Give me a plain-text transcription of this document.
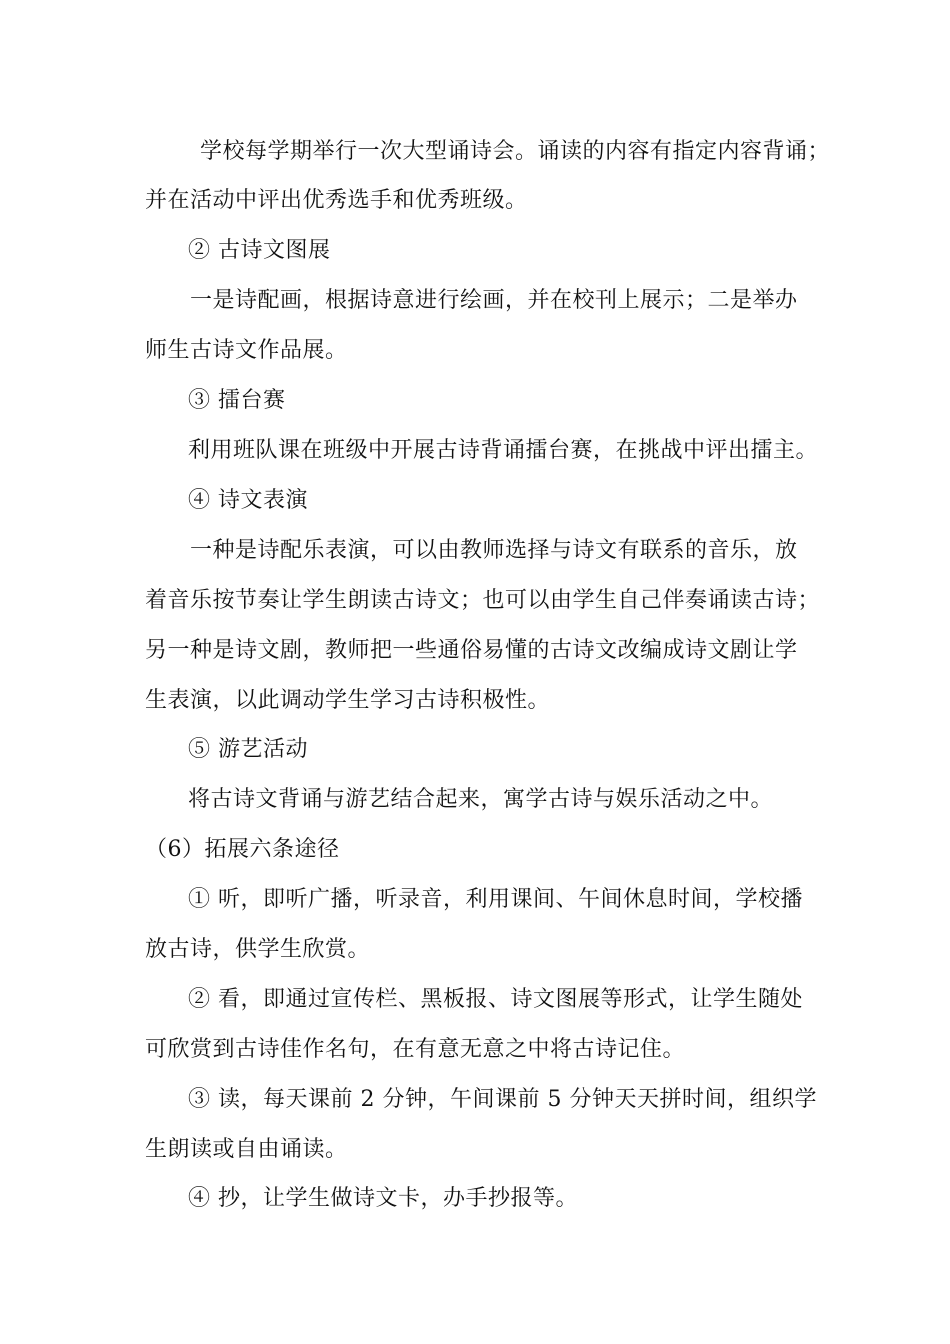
学校每学期举行一次大型诵诗会。诵读的内容有指定内容背诵；
并在活动中评出优秀选手和优秀班级。
② 古诗文图展
一是诗配画，根据诗意进行绘画，并在校刊上展示；二是举办
师生古诗文作品展。
③ 擂台赛
利用班队课在班级中开展古诗背诵擂台赛，在挑战中评出擂主。
④ 诗文表演
一种是诗配乐表演，可以由教师选择与诗文有联系的音乐，放
着音乐按节奏让学生朗读古诗文；也可以由学生自己伴奏诵读古诗；
另一种是诗文剧，教师把一些通俗易懂的古诗文改编成诗文剧让学
生表演，以此调动学生学习古诗积极性。
⑤ 游艺活动
将古诗文背诵与游艺结合起来，寓学古诗与娱乐活动之中。
（6）拓展六条途径
① 听，即听广播，听录音，利用课间、午间休息时间，学校播
放古诗，供学生欣赏。
② 看，即通过宣传栏、黑板报、诗文图展等形式，让学生随处
可欣赏到古诗佳作名句，在有意无意之中将古诗记住。
③ 读，每天课前 2 分钟，午间课前 5 分钟天天拼时间，组织学
生朗读或自由诵读。
④ 抄，让学生做诗文卡，办手抄报等。
